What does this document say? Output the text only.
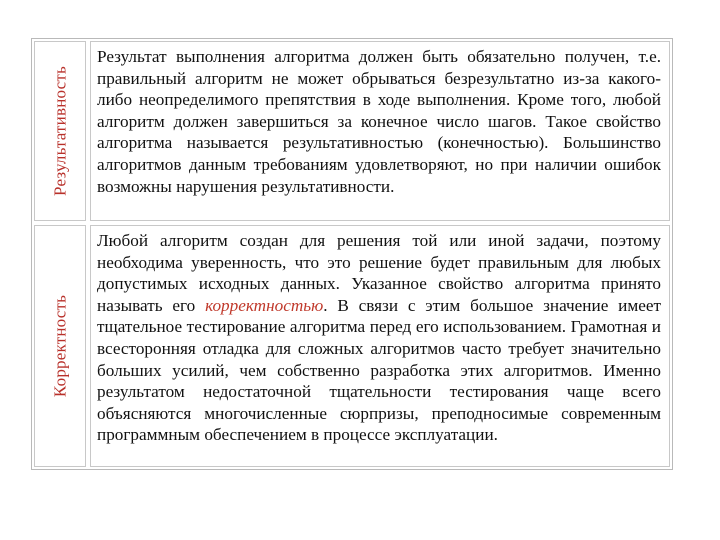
Результативность

Результат выполнения алгоритма должен быть обязательно получен, т.е. правильный алгоритм не может обрываться безрезультатно из-за какого-либо неопределимого препятствия в ходе выполнения. Кроме того, любой алгоритм должен завершиться за конечное число шагов. Такое свойство алгоритма называется результативностью (конечностью). Большинство алгоритмов данным требованиям удовлетворяют, но при наличии ошибок возможны нарушения результативности.

Корректность

Любой алгоритм создан для решения той или иной задачи, поэтому необходима уверенность, что это решение будет правильным для любых допустимых исходных данных. Указанное свойство алгоритма принято называть его корректностью. В связи с этим большое значение имеет тщательное тестирование алгоритма перед его использованием. Грамотная и всесторонняя отладка для сложных алгоритмов часто требует значительно больших усилий, чем собственно разработка этих алгоритмов. Именно результатом недостаточной тщательности тестирования чаще всего объясняются многочисленные сюрпризы, преподносимые современным программным обеспечением в процессе эксплуатации.
